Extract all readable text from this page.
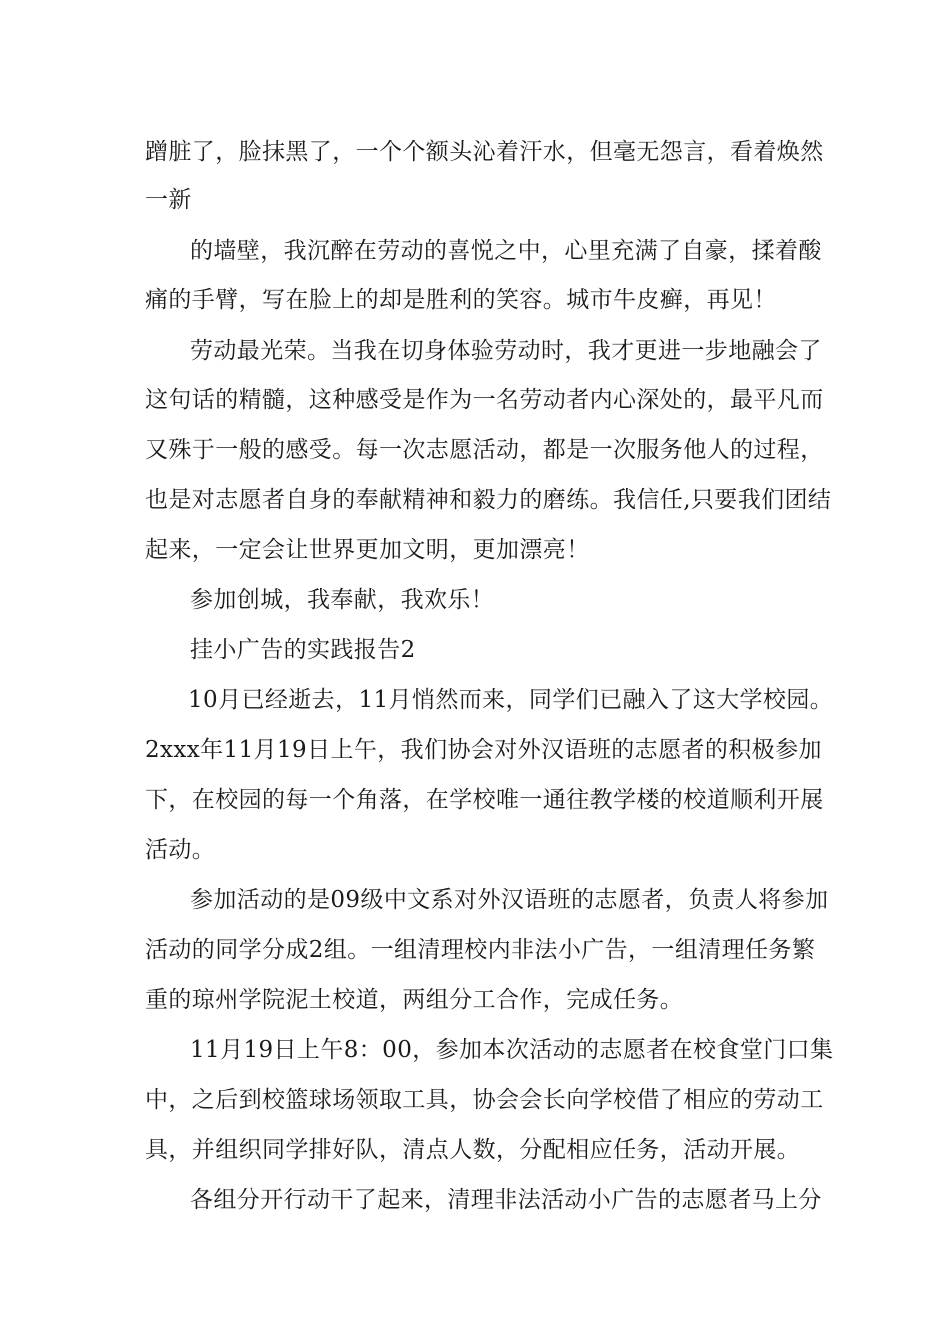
蹭脏了，脸抹黑了，一个个额头沁着汗水，但毫无怨言，看着焕然
一新
的墙壁，我沉醉在劳动的喜悦之中，心里充满了自豪，揉着酸
痛的手臂，写在脸上的却是胜利的笑容。城市牛皮癣，再见！
劳动最光荣。当我在切身体验劳动时，我才更进一步地融会了
这句话的精髓，这种感受是作为一名劳动者内心深处的，最平凡而
又殊于一般的感受。每一次志愿活动，都是一次服务他人的过程，
也是对志愿者自身的奉献精神和毅力的磨练。我信任,只要我们团结
起来，一定会让世界更加文明，更加漂亮！
参加创城，我奉献，我欢乐！
挂小广告的实践报告2
10月已经逝去，11月悄然而来，同学们已融入了这大学校园。
2xxx年11月19日上午，我们协会对外汉语班的志愿者的积极参加
下，在校园的每一个角落，在学校唯一通往教学楼的校道顺利开展
活动。
参加活动的是09级中文系对外汉语班的志愿者，负责人将参加
活动的同学分成2组。一组清理校内非法小广告，一组清理任务繁
重的琼州学院泥土校道，两组分工合作，完成任务。
11月19日上午8：00，参加本次活动的志愿者在校食堂门口集
中，之后到校篮球场领取工具，协会会长向学校借了相应的劳动工
具，并组织同学排好队，清点人数，分配相应任务，活动开展。
各组分开行动干了起来，清理非法活动小广告的志愿者马上分
